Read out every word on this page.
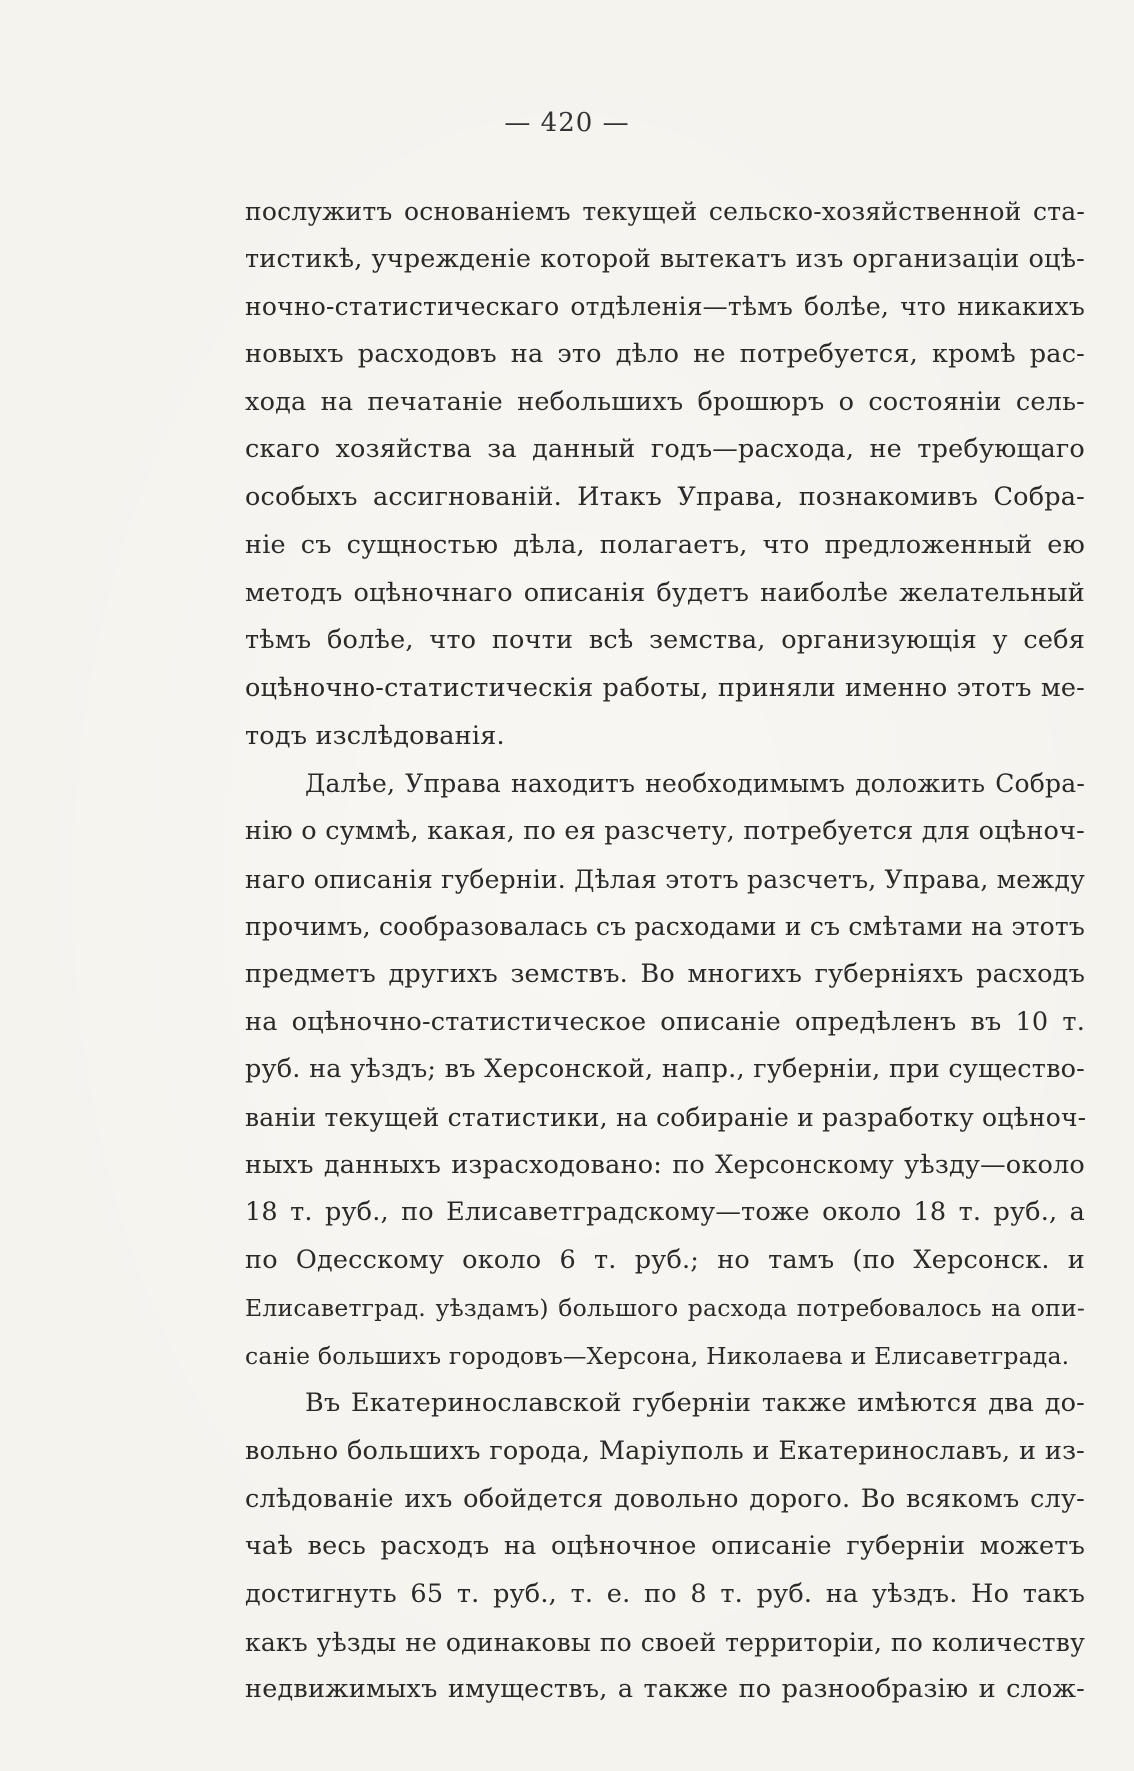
— 420 —
послужитъ основаніемъ текущей сельско-хозяйственной ста-
тистикѣ, учрежденіе которой вытекатъ изъ организаціи оцѣ-
ночно-статистическаго отдѣленія—тѣмъ болѣе, что никакихъ
новыхъ расходовъ на это дѣло не потребуется, кромѣ рас-
хода на печатаніе небольшихъ брошюръ о состояніи сель-
скаго хозяйства за данный годъ—расхода, не требующаго
особыхъ ассигнованій. Итакъ Управа, познакомивъ Собра-
ніе съ сущностью дѣла, полагаетъ, что предложенный ею
методъ оцѣночнаго описанія будетъ наиболѣе желательный
тѣмъ болѣе, что почти всѣ земства, организующія у себя
оцѣночно-статистическія работы, приняли именно этотъ ме-
тодъ изслѣдованія.
Далѣе, Управа находитъ необходимымъ доложить Собра-
нію о суммѣ, какая, по ея разсчету, потребуется для оцѣноч-
наго описанія губерніи. Дѣлая этотъ разсчетъ, Управа, между
прочимъ, сообразовалась съ расходами и съ смѣтами на этотъ
предметъ другихъ земствъ. Во многихъ губерніяхъ расходъ
на оцѣночно-статистическое описаніе опредѣленъ въ 10 т.
руб. на уѣздъ; въ Херсонской, напр., губерніи, при существо-
ваніи текущей статистики, на собираніе и разработку оцѣноч-
ныхъ данныхъ израсходовано: по Херсонскому уѣзду—около
18 т. руб., по Елисаветградскому—тоже около 18 т. руб., а
по Одесскому около 6 т. руб.; но тамъ (по Херсонск. и
Елисаветград. уѣздамъ) большого расхода потребовалось на опи-
саніе большихъ городовъ—Херсона, Николаева и Елисаветграда.
Въ Екатеринославской губерніи также имѣются два до-
вольно большихъ города, Маріуполь и Екатеринославъ, и из-
слѣдованіе ихъ обойдется довольно дорого. Во всякомъ слу-
чаѣ весь расходъ на оцѣночное описаніе губерніи можетъ
достигнуть 65 т. руб., т. е. по 8 т. руб. на уѣздъ. Но такъ
какъ уѣзды не одинаковы по своей территоріи, по количеству
недвижимыхъ имуществъ, а также по разнообразію и слож-
